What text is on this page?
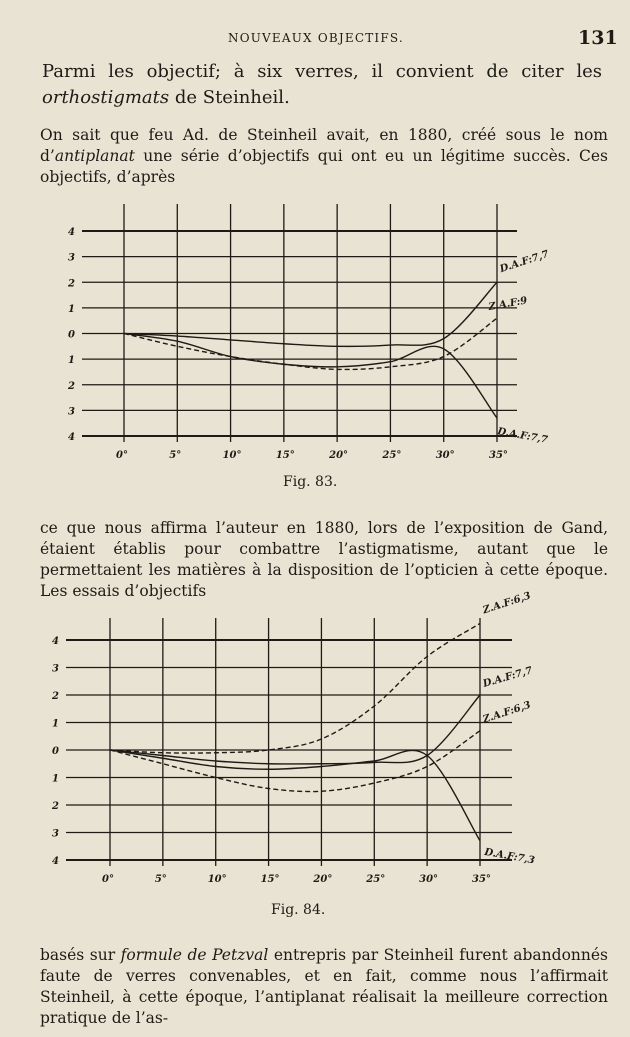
NOUVEAUX OBJECTIFS.	131

Parmi les objectif; à six verres, il convient de citer les orthostigmats de Steinheil.

On sait que feu Ad. de Steinheil avait, en 1880, créé sous le nom d’antiplanat une série d’objectifs qui ont eu un légitime succès. Ces objectifs, d’après

4
3
2
1
0
1
2
3
4
0°	5°	10°	15°	20°	25°	30°	35°
D.A.F:7,7
Z.A.F:9
D.A.F:7,7
Fig. 83.

ce que nous affirma l’auteur en 1880, lors de l’exposition de Gand, étaient établis pour combattre l’astigmatisme, autant que le permettaient les matières à la disposition de l’opticien à cette époque. Les essais d’objectifs

4
3
2
1
0
1
2
3
4
0°	5°	10°	15°	20°	25°	30°	35°
Z.A.F:6,3
D.A.F:7,7
Z.A.F:6,3
D.A.F:7,3
Fig. 84.

basés sur formule de Petzval entrepris par Steinheil furent abandonnés faute de verres convenables, et en fait, comme nous l’affirmait Steinheil, à cette époque, l’antiplanat réalisait la meilleure correction pratique de l’as-
